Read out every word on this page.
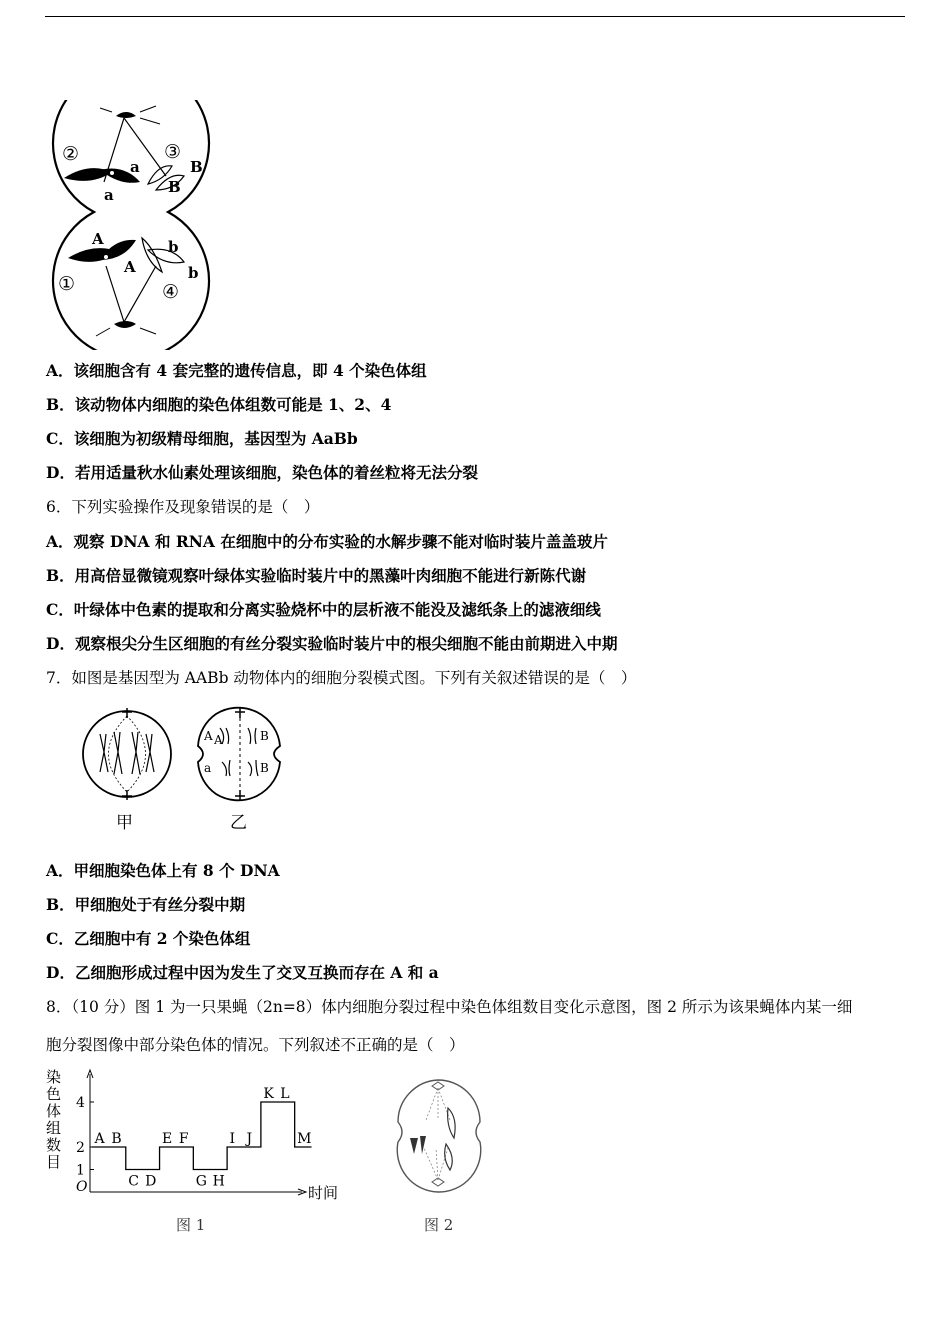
②	③
①	④
a
a
B
B
A
A
b
b
A．该细胞含有 4 套完整的遗传信息，即 4 个染色体组
B．该动物体内细胞的染色体组数可能是 1、2、4
C．该细胞为初级精母细胞，基因型为 AaBb
D．若用适量秋水仙素处理该细胞，染色体的着丝粒将无法分裂
6．下列实验操作及现象错误的是（　）
A．观察 DNA 和 RNA 在细胞中的分布实验的水解步骤不能对临时装片盖盖玻片
B．用高倍显微镜观察叶绿体实验临时装片中的黑藻叶肉细胞不能进行新陈代谢
C．叶绿体中色素的提取和分离实验烧杯中的层析液不能没及滤纸条上的滤液细线
D．观察根尖分生区细胞的有丝分裂实验临时装片中的根尖细胞不能由前期进入中期
7．如图是基因型为 AABb 动物体内的细胞分裂模式图。下列有关叙述错误的是（　）
A A
a
B
B
甲	乙
A．甲细胞染色体上有 8 个 DNA
B．甲细胞处于有丝分裂中期
C．乙细胞中有 2 个染色体组
D．乙细胞形成过程中因为发生了交叉互换而存在 A 和 a
8．（10 分）图 1 为一只果蝇（2n=8）体内细胞分裂过程中染色体组数目变化示意图，图 2 所示为该果蝇体内某一细
胞分裂图像中部分染色体的情况。下列叙述不正确的是（　）
染
色
体
组
数
目
O	时间
1
2
4
A B
C D
E F
G H
I J
K L
M
图 1	图 2
